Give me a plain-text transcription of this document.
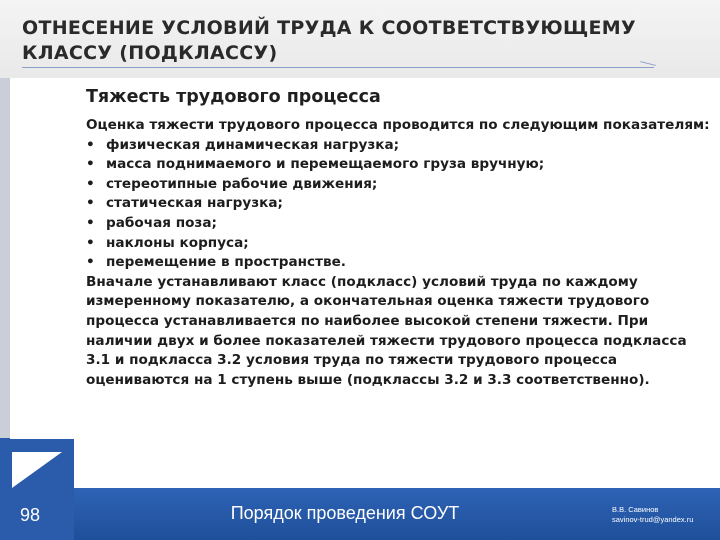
ОТНЕСЕНИЕ УСЛОВИЙ ТРУДА К СООТВЕТСТВУЮЩЕМУ
КЛАССУ (ПОДКЛАССУ)
Тяжесть трудового процесса

Оценка тяжести трудового процесса проводится по следующим показателям:

• физическая динамическая нагрузка;
• масса поднимаемого и перемещаемого груза вручную;
• стереотипные рабочие движения;
• статическая нагрузка;
• рабочая поза;
• наклоны корпуса;
• перемещение в пространстве.

Вначале устанавливают класс (подкласс) условий труда по каждому измеренному показателю, а окончательная оценка тяжести трудового процесса устанавливается по наиболее высокой степени тяжести. При наличии двух и более показателей тяжести трудового процесса подкласса 3.1 и подкласса 3.2 условия труда по тяжести трудового процесса оцениваются на 1 ступень выше (подклассы 3.2 и 3.3 соответственно).

98	Порядок проведения СОУТ	В.В. Савинов
savinov-trud@yandex.ru
